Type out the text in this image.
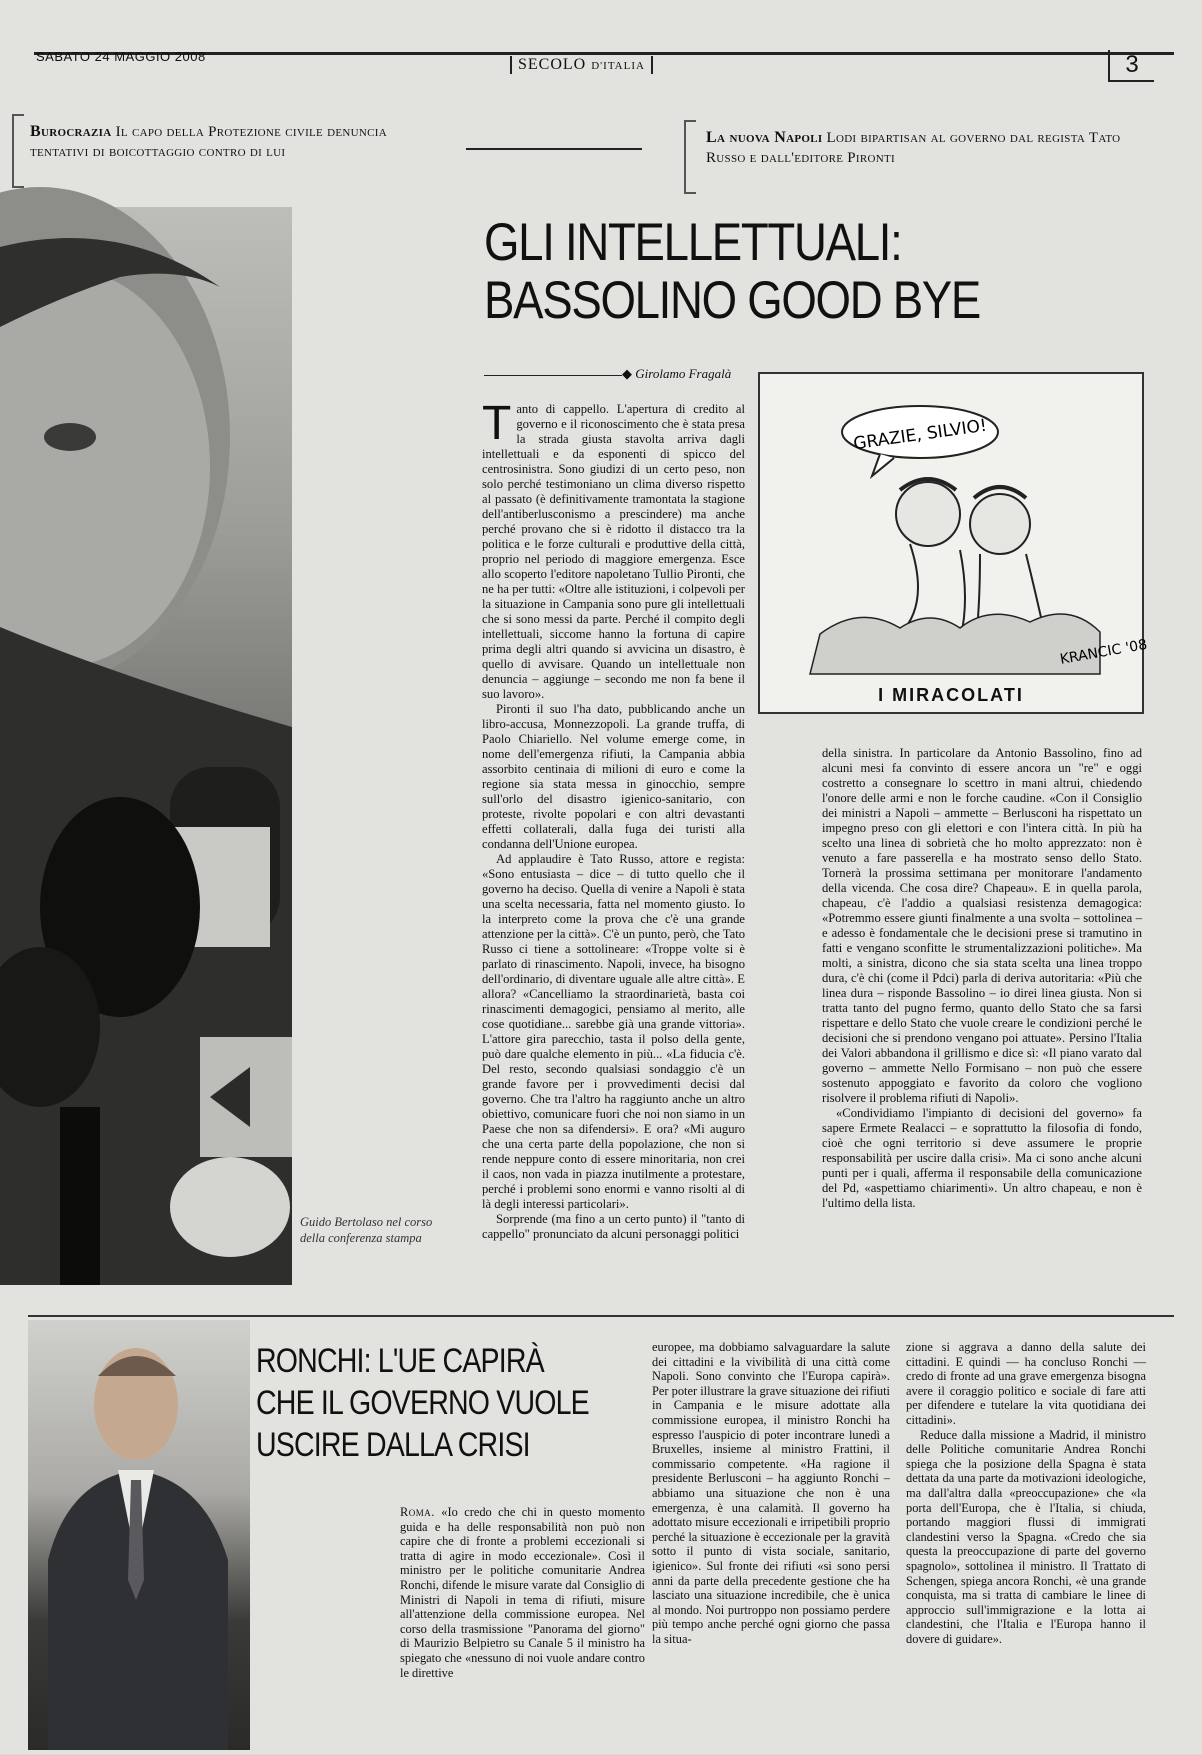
SABATO 24 MAGGIO 2008	SECOLO D'ITALIA	3
Burocrazia Il capo della Protezione civile denuncia tentativi di boicottaggio contro di lui
La nuova Napoli Lodi bipartisan al governo dal regista Tato Russo e dall'editore Pironti
Guido Bertolaso nel corso della conferenza stampa
GLI INTELLETTUALI:
BASSOLINO GOOD BYE
◆ Girolamo Fragalà

Tanto di cappello. L'apertura di credito al governo e il riconoscimento che è stata presa la strada giusta stavolta arriva dagli intellettuali e da esponenti di spicco del centrosinistra. Sono giudizi di un certo peso, non solo perché testimoniano un clima diverso rispetto al passato (è definitivamente tramontata la stagione dell'antiberlusconismo a prescindere) ma anche perché provano che si è ridotto il distacco tra la politica e le forze culturali e produttive della città, proprio nel periodo di maggiore emergenza. Esce allo scoperto l'editore napoletano Tullio Pironti, che ne ha per tutti: «Oltre alle istituzioni, i colpevoli per la situazione in Campania sono pure gli intellettuali che si sono messi da parte. Perché il compito degli intellettuali, siccome hanno la fortuna di capire prima degli altri quando si avvicina un disastro, è quello di avvisare. Quando un intellettuale non denuncia – aggiunge – secondo me non fa bene il suo lavoro».

Pironti il suo l'ha dato, pubblicando anche un libro-accusa, Monnezzopoli. La grande truffa, di Paolo Chiariello. Nel volume emerge come, in nome dell'emergenza rifiuti, la Campania abbia assorbito centinaia di milioni di euro e come la regione sia stata messa in ginocchio, sempre sull'orlo del disastro igienico-sanitario, con proteste, rivolte popolari e con altri devastanti effetti collaterali, dalla fuga dei turisti alla condanna dell'Unione europea.

Ad applaudire è Tato Russo, attore e regista: «Sono entusiasta – dice – di tutto quello che il governo ha deciso. Quella di venire a Napoli è stata una scelta necessaria, fatta nel momento giusto. Io la interpreto come la prova che c'è una grande attenzione per la città». C'è un punto, però, che Tato Russo ci tiene a sottolineare: «Troppe volte si è parlato di rinascimento. Napoli, invece, ha bisogno dell'ordinario, di diventare uguale alle altre città». E allora? «Cancelliamo la straordinarietà, basta coi rinascimenti demagogici, pensiamo al merito, alle cose quotidiane... sarebbe già una grande vittoria». L'attore gira parecchio, tasta il polso della gente, può dare qualche elemento in più... «La fiducia c'è. Del resto, secondo qualsiasi sondaggio c'è un grande favore per i provvedimenti decisi dal governo. Che tra l'altro ha raggiunto anche un altro obiettivo, comunicare fuori che noi non siamo in un Paese che non sa difendersi». E ora? «Mi auguro che una certa parte della popolazione, che non si rende neppure conto di essere minoritaria, non crei il caos, non vada in piazza inutilmente a protestare, perché i problemi sono enormi e vanno risolti al di là degli interessi particolari».

Sorprende (ma fino a un certo punto) il "tanto di cappello" pronunciato da alcuni personaggi politici

GRAZIE, SILVIO!
KRANCIC '08
I MIRACOLATI

della sinistra. In particolare da Antonio Bassolino, fino ad alcuni mesi fa convinto di essere ancora un "re" e oggi costretto a consegnare lo scettro in mani altrui, chiedendo l'onore delle armi e non le forche caudine. «Con il Consiglio dei ministri a Napoli – ammette – Berlusconi ha rispettato un impegno preso con gli elettori e con l'intera città. In più ha scelto una linea di sobrietà che ho molto apprezzato: non è venuto a fare passerella e ha mostrato senso dello Stato. Tornerà la prossima settimana per monitorare l'andamento della vicenda. Che cosa dire? Chapeau». E in quella parola, chapeau, c'è l'addio a qualsiasi resistenza demagogica: «Potremmo essere giunti finalmente a una svolta – sottolinea – e adesso è fondamentale che le decisioni prese si tramutino in fatti e vengano sconfitte le strumentalizzazioni politiche». Ma molti, a sinistra, dicono che sia stata scelta una linea troppo dura, c'è chi (come il Pdci) parla di deriva autoritaria: «Più che linea dura – risponde Bassolino – io direi linea giusta. Non si tratta tanto del pugno fermo, quanto dello Stato che sa farsi rispettare e dello Stato che vuole creare le condizioni perché le decisioni che si prendono vengano poi attuate». Persino l'Italia dei Valori abbandona il grillismo e dice sì: «Il piano varato dal governo – ammette Nello Formisano – non può che essere sostenuto appoggiato e favorito da coloro che vogliono risolvere il problema rifiuti di Napoli».

«Condividiamo l'impianto di decisioni del governo» fa sapere Ermete Realacci – e soprattutto la filosofia di fondo, cioè che ogni territorio si deve assumere le proprie responsabilità per uscire dalla crisi». Ma ci sono anche alcuni punti per i quali, afferma il responsabile della comunicazione del Pd, «aspettiamo chiarimenti». Un altro chapeau, e non è l'ultimo della lista.

RONCHI: L'UE CAPIRÀ
CHE IL GOVERNO VUOLE
USCIRE DALLA CRISI

Roma. «Io credo che chi in questo momento guida e ha delle responsabilità non può non capire che di fronte a problemi eccezionali si tratta di agire in modo eccezionale». Così il ministro per le politiche comunitarie Andrea Ronchi, difende le misure varate dal Consiglio di Ministri di Napoli in tema di rifiuti, misure all'attenzione della commissione europea. Nel corso della trasmissione "Panorama del giorno" di Maurizio Belpietro su Canale 5 il ministro ha spiegato che «nessuno di noi vuole andare contro le direttive

europee, ma dobbiamo salvaguardare la salute dei cittadini e la vivibilità di una città come Napoli. Sono convinto che l'Europa capirà». Per poter illustrare la grave situazione dei rifiuti in Campania e le misure adottate alla commissione europea, il ministro Ronchi ha espresso l'auspicio di poter incontrare lunedì a Bruxelles, insieme al ministro Frattini, il commissario competente. «Ha ragione il presidente Berlusconi – ha aggiunto Ronchi – abbiamo una situazione che non è una emergenza, è una calamità. Il governo ha adottato misure eccezionali e irripetibili proprio perché la situazione è eccezionale per la gravità sotto il punto di vista sociale, sanitario, igienico». Sul fronte dei rifiuti «si sono persi anni da parte della precedente gestione che ha lasciato una situazione incredibile, che è unica al mondo. Noi purtroppo non possiamo perdere più tempo anche perché ogni giorno che passa la situa-

zione si aggrava a danno della salute dei cittadini. E quindi — ha concluso Ronchi — credo di fronte ad una grave emergenza bisogna avere il coraggio politico e sociale di fare atti per difendere e tutelare la vita quotidiana dei cittadini».

Reduce dalla missione a Madrid, il ministro delle Politiche comunitarie Andrea Ronchi spiega che la posizione della Spagna è stata dettata da una parte da motivazioni ideologiche, ma dall'altra dalla «preoccupazione» che «la porta dell'Europa, che è l'Italia, si chiuda, portando maggiori flussi di immigrati clandestini verso la Spagna. «Credo che sia questa la preoccupazione di parte del governo spagnolo», sottolinea il ministro. Il Trattato di Schengen, spiega ancora Ronchi, «è una grande conquista, ma si tratta di cambiare le linee di approccio sull'immigrazione e la lotta ai clandestini, che l'Italia e l'Europa hanno il dovere di guidare».
